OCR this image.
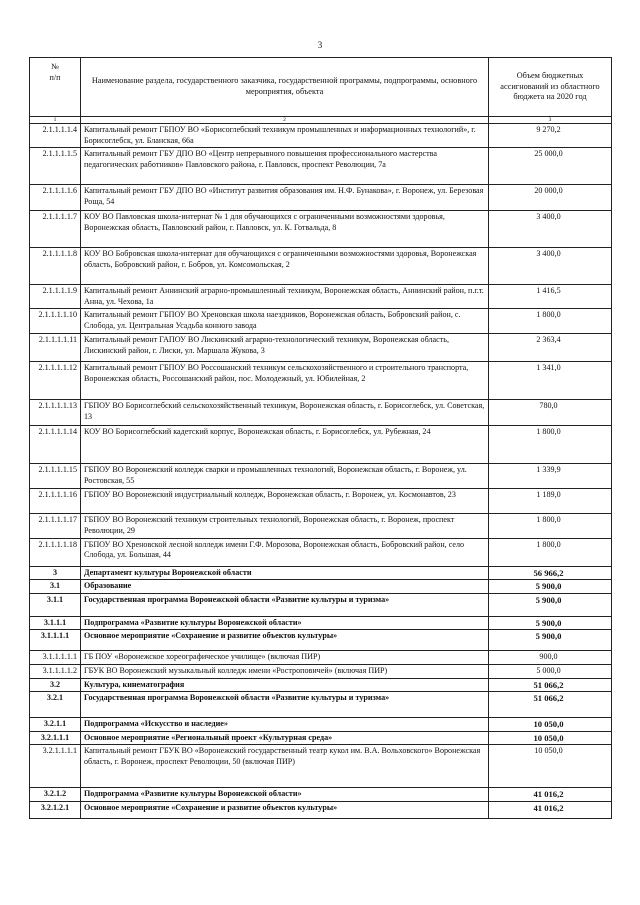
3
№
п/п	Наименование раздела, государственного заказчика, государственной программы, подпрограммы, основного мероприятия, объекта	Объем бюджетных ассигнований из областного бюджета на 2020 год
1	2	3
2.1.1.1.1.4	Капитальный ремонт ГБПОУ ВО «Борисоглебский техникум промышленных и информационных технологий», г. Борисоглебск, ул. Бланская, 66а	9 270,2
2.1.1.1.1.5	Капитальный ремонт ГБУ ДПО ВО «Центр непрерывного повышения профессионального мастерства педагогических работников» Павловского района, г. Павловск, проспект Революции, 7а	25 000,0
2.1.1.1.1.6	Капитальный ремонт ГБУ ДПО ВО «Институт развития образования им. Н.Ф. Бунакова», г. Воронеж, ул. Березовая Роща, 54	20 000,0
2.1.1.1.1.7	КОУ ВО Павловская школа-интернат № 1 для обучающихся с ограниченными возможностями здоровья, Воронежская область, Павловский район, г. Павловск, ул. К. Готвальда, 8	3 400,0
2.1.1.1.1.8	КОУ ВО Бобровская школа-интернат для обучающихся с ограниченными возможностями здоровья, Воронежская область, Бобровский район, г. Бобров, ул. Комсомольская, 2	3 400,0
2.1.1.1.1.9	Капитальный ремонт Аннинский аграрно-промышленный техникум, Воронежская область, Аннинский район, п.г.т. Анна, ул. Чехова, 1а	1 416,5
2.1.1.1.1.10	Капитальный ремонт ГБПОУ ВО Хреновская школа наездников, Воронежская область, Бобровский район, с. Слобода, ул. Центральная Усадьба конного завода	1 800,0
2.1.1.1.1.11	Капитальный ремонт ГАПОУ ВО Лискинский аграрно-технологический техникум, Воронежская область, Лискинский район, г. Лиски, ул. Маршала Жукова, 3	2 363,4
2.1.1.1.1.12	Капитальный ремонт ГБПОУ ВО Россошанский техникум сельскохозяйственного и строительного транспорта, Воронежская область, Россошанский район, пос. Молодежный, ул. Юбилейная, 2	1 341,0
2.1.1.1.1.13	ГБПОУ ВО Борисоглебский сельскохозяйственный техникум, Воронежская область, г. Борисоглебск, ул. Советская, 13	780,0
2.1.1.1.1.14	КОУ ВО Борисоглебский кадетский корпус, Воронежская область, г. Борисоглебск, ул. Рубежная, 24	1 800,0
2.1.1.1.1.15	ГБПОУ ВО Воронежский колледж сварки и промышленных технологий, Воронежская область, г. Воронеж, ул. Ростовская, 55	1 339,9
2.1.1.1.1.16	ГБПОУ ВО Воронежский индустриальный колледж, Воронежская область, г. Воронеж, ул. Космонавтов, 23	1 189,0
2.1.1.1.1.17	ГБПОУ ВО Воронежский техникум строительных технологий, Воронежская область, г. Воронеж, проспект Революции, 29	1 800,0
2.1.1.1.1.18	ГБПОУ ВО Хреновской лесной колледж имени Г.Ф. Морозова, Воронежская область, Бобровский район, село Слобода, ул. Большая, 44	1 800,0
3	Департамент культуры Воронежской области	56 966,2
3.1	Образование	5 900,0
3.1.1	Государственная программа Воронежской области «Развитие культуры и туризма»	5 900,0
3.1.1.1	Подпрограмма «Развитие культуры Воронежской области»	5 900,0
3.1.1.1.1	Основное мероприятие «Сохранение и развитие объектов культуры»	5 900,0
3.1.1.1.1.1	ГБ ПОУ «Воронежское хореографическое училище» (включая ПИР)	900,0
3.1.1.1.1.2	ГБУК ВО Воронежский музыкальный колледж имени «Ростроповичей» (включая ПИР)	5 000,0
3.2	Культура, кинематография	51 066,2
3.2.1	Государственная программа Воронежской области «Развитие культуры и туризма»	51 066,2
3.2.1.1	Подпрограмма «Искусство и наследие»	10 050,0
3.2.1.1.1	Основное мероприятие «Региональный проект «Культурная среда»	10 050,0
3.2.1.1.1.1	Капитальный ремонт ГБУК ВО «Воронежский государственный театр кукол им. В.А. Вольховского» Воронежская область, г. Воронеж, проспект Революции, 50 (включая ПИР)	10 050,0
3.2.1.2	Подпрограмма «Развитие культуры Воронежской области»	41 016,2
3.2.1.2.1	Основное мероприятие «Сохранение и развитие объектов культуры»	41 016,2
